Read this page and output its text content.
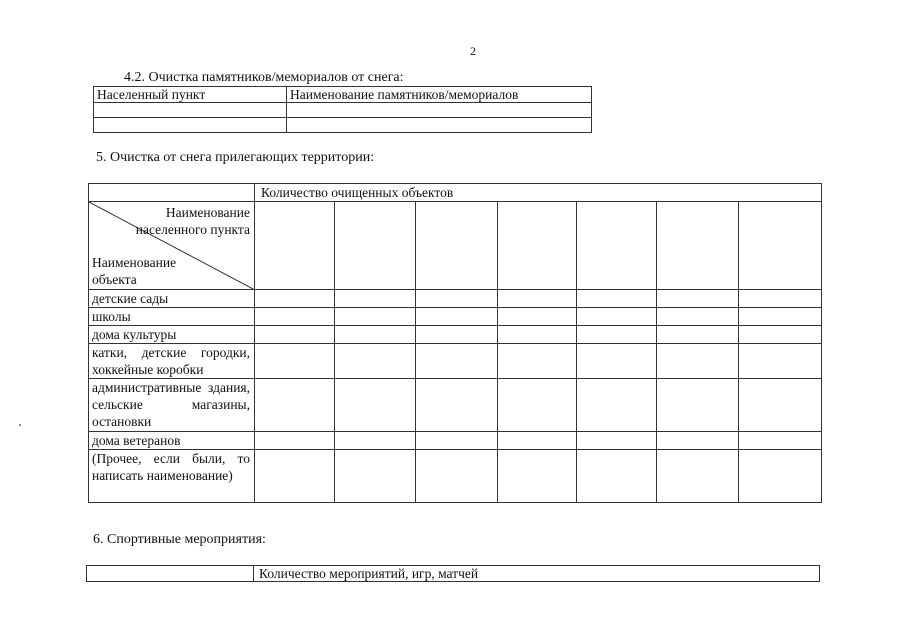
2
4.2. Очистка памятников/мемориалов от снега:
Населенный пункт	Наименование памятников/мемориалов

5. Очистка от снега прилегающих территории:
	Количество очищенных объектов						

Наименование населенного пункта
Наименование объекта							

детские сады							
школы							
дома культуры							
катки, детские городки, хоккейные коробки							
административные здания, сельские магазины, остановки							
дома ветеранов							
(Прочее, если были, то написать наименование)							
6. Спортивные мероприятия:
	Количество мероприятий, игр, матчей
